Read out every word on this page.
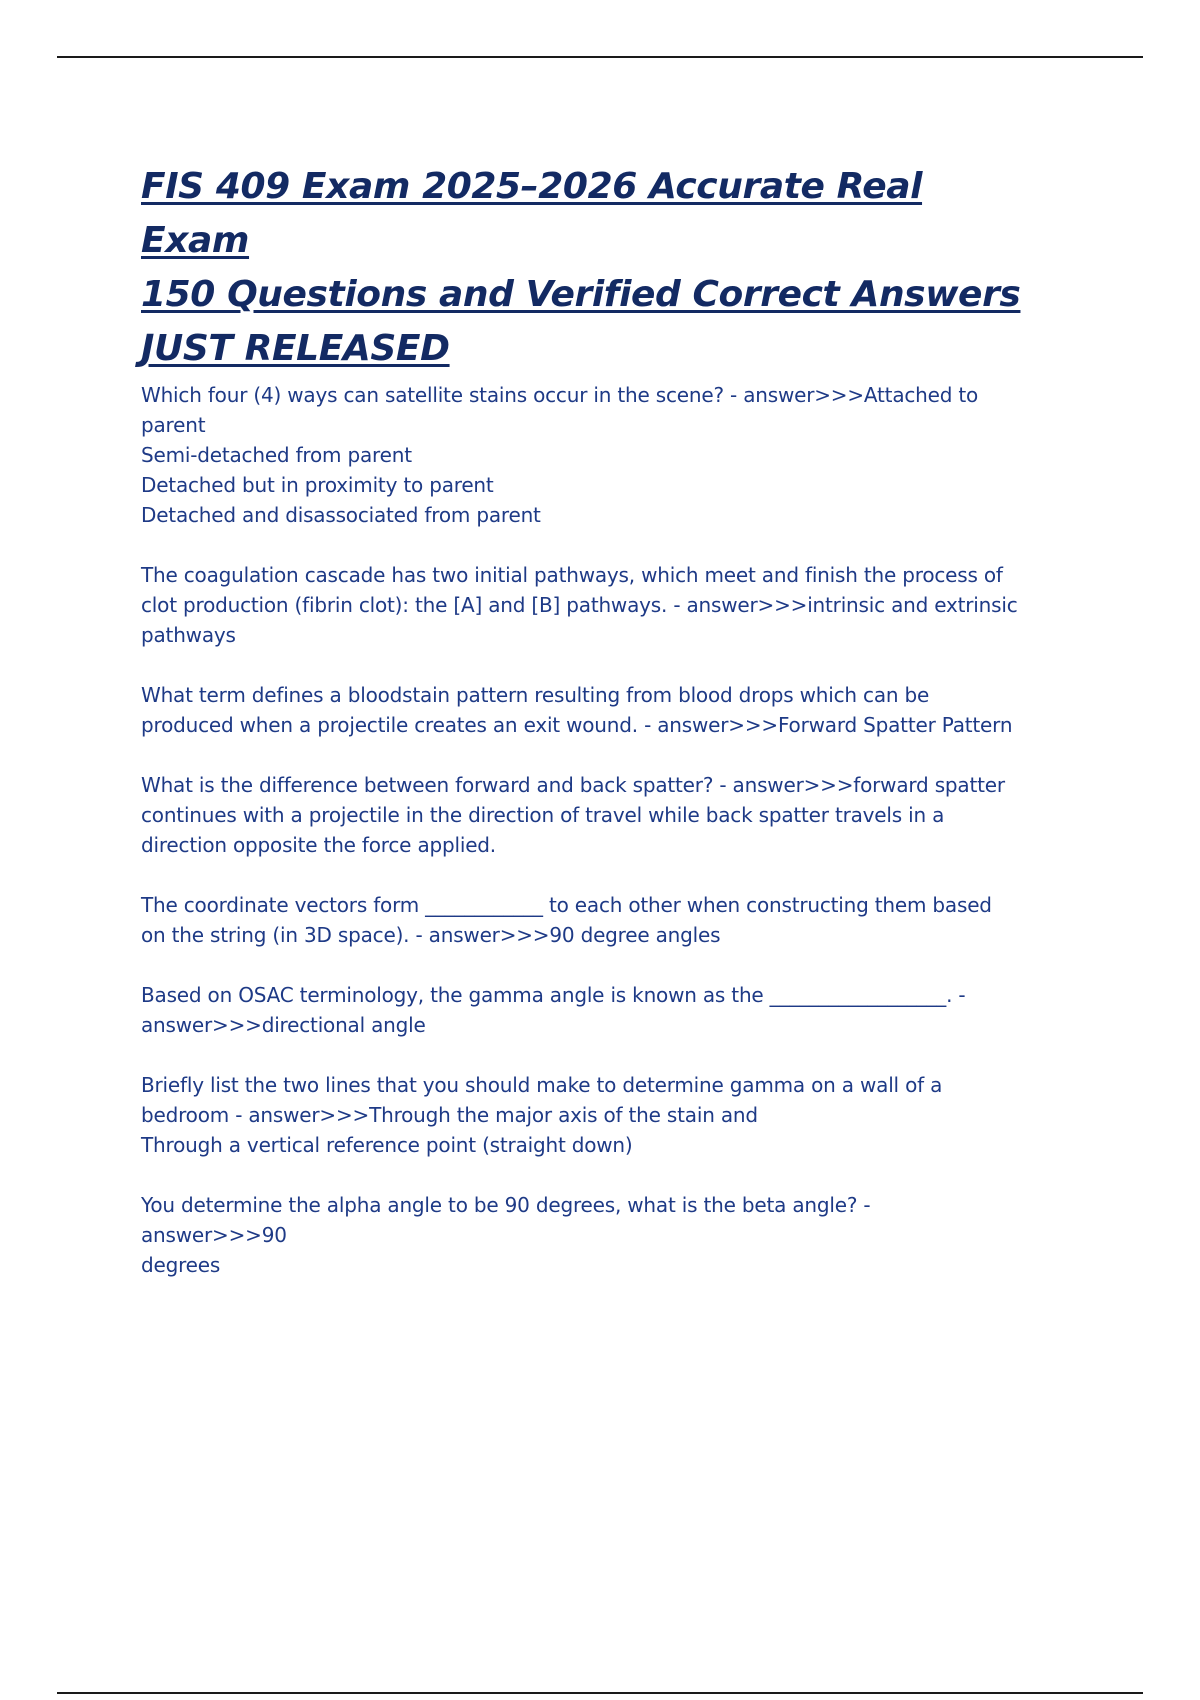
FIS 409 Exam 2025–2026 Accurate Real Exam
150 Questions and Verified Correct Answers
JUST RELEASED
Which four (4) ways can satellite stains occur in the scene? - answer>>>Attached to
parent
Semi-detached from parent
Detached but in proximity to parent
Detached and disassociated from parent
The coagulation cascade has two initial pathways, which meet and finish the process of
clot production (fibrin clot): the [A] and [B] pathways. - answer>>>intrinsic and extrinsic
pathways
What term defines a bloodstain pattern resulting from blood drops which can be
produced when a projectile creates an exit wound. - answer>>>Forward Spatter Pattern
What is the difference between forward and back spatter? - answer>>>forward spatter
continues with a projectile in the direction of travel while back spatter travels in a
direction opposite the force applied.
The coordinate vectors form ____________ to each other when constructing them based
on the string (in 3D space). - answer>>>90 degree angles
Based on OSAC terminology, the gamma angle is known as the __________________. -
answer>>>directional angle
Briefly list the two lines that you should make to determine gamma on a wall of a
bedroom - answer>>>Through the major axis of the stain and
Through a vertical reference point (straight down)
You determine the alpha angle to be 90 degrees, what is the beta angle? - answer>>>90
degrees
